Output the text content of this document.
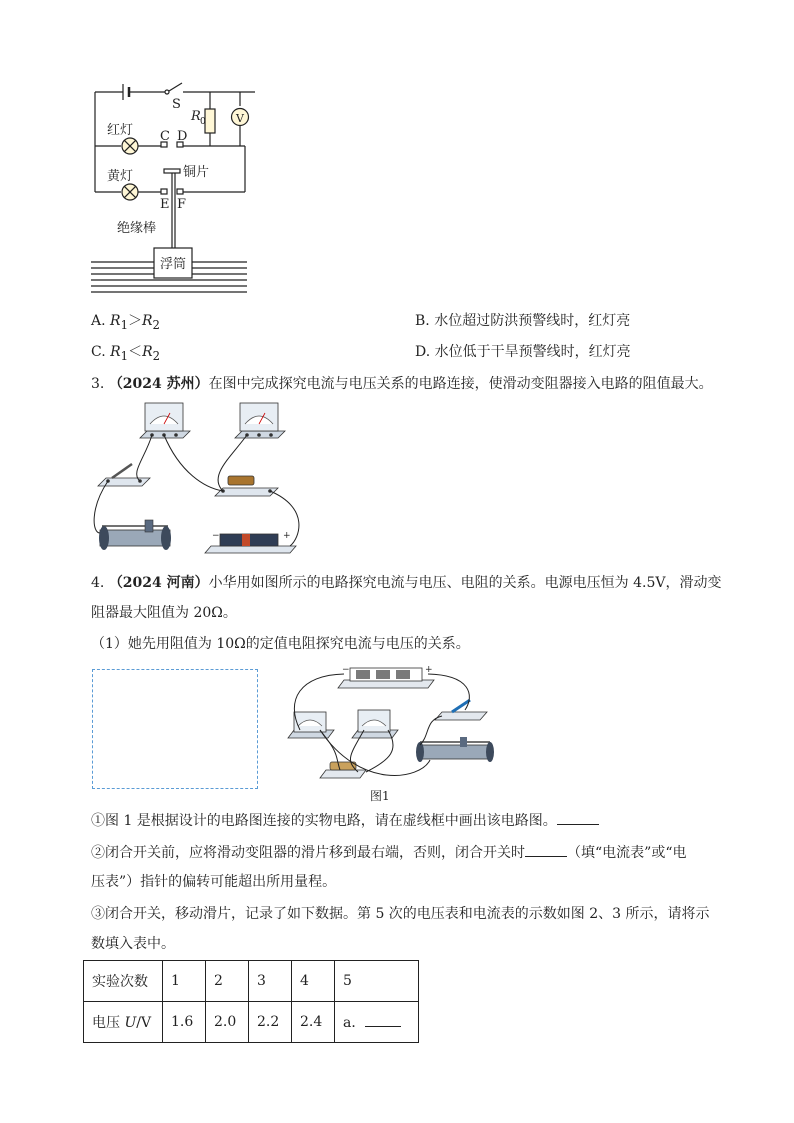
S
R 0	V
红灯 C D
黄灯	铜片
E F
绝缘棒
浮筒
A. $R_1>R_2$	B. 水位超过防洪预警线时，红灯亮
C. $R_1<R_2$	D. 水位低于干旱预警线时，红灯亮
3. （2024 苏州）在图中完成探究电流与电压关系的电路连接，使滑动变阻器接入电路的阻值最大。
−	+
4. （2024 河南）小华用如图所示的电路探究电流与电压、电阻的关系。电源电压恒为 4.5V，滑动变
阻器最大阻值为 20Ω。
（1）她先用阻值为 10Ω的定值电阻探究电流与电压的关系。
−	+
图1
①图 1 是根据设计的电路图连接的实物电路，请在虚线框中画出该电路图。
②闭合开关前，应将滑动变阻器的滑片移到最右端，否则，闭合开关时	（填“电流表”或“电
压表”）指针的偏转可能超出所用量程。
③闭合开关，移动滑片，记录了如下数据。第 5 次的电压表和电流表的示数如图 2、3 所示，请将示
数填入表中。
实验次数	1	2	3	4	5
电压 U/V	1.6	2.0	2.2	2.4	a．
